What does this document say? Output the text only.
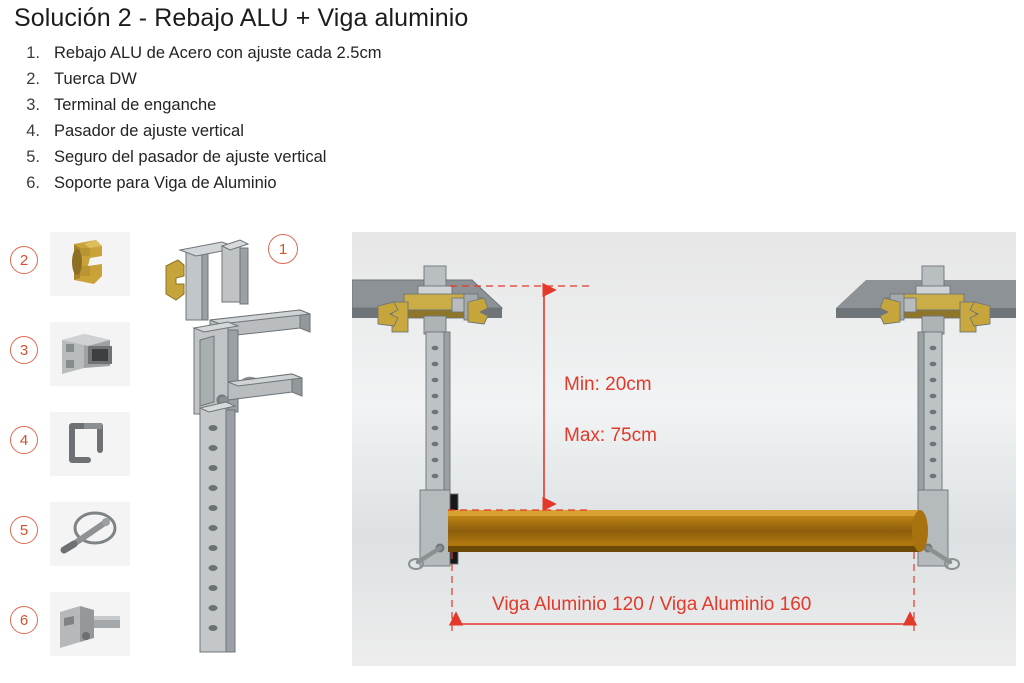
Solución 2 - Rebajo ALU + Viga aluminio
1. Rebajo ALU de Acero con ajuste cada 2.5cm
2. Tuerca DW
3. Terminal de enganche
4. Pasador de ajuste vertical
5. Seguro del pasador de ajuste vertical
6. Soporte para Viga de Aluminio
2
3
4
5
6
1
Min: 20cm
Max: 75cm
Viga Aluminio 120 / Viga Aluminio 160
